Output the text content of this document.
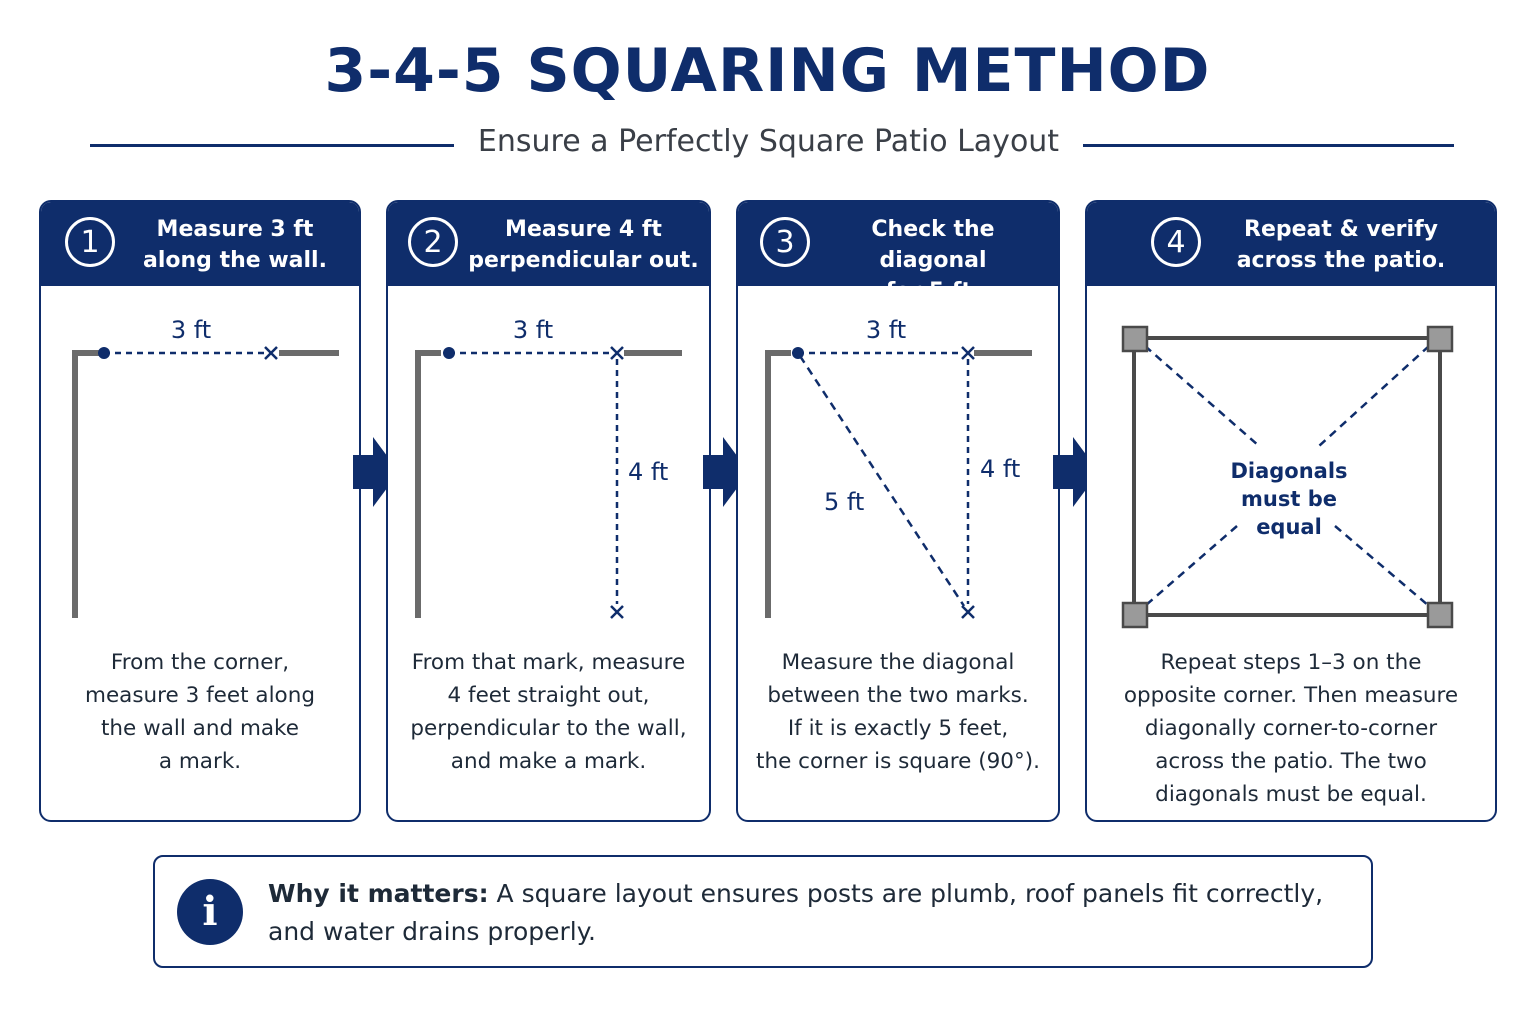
3-4-5 SQUARING METHOD
Ensure a Perfectly Square Patio Layout
1	Measure 3 ft
along the wall.
3 ft
From the corner,
measure 3 feet along
the wall and make
a mark.
2	Measure 4 ft
perpendicular out.
3 ft
4 ft
From that mark, measure
4 feet straight out,
perpendicular to the wall,
and make a mark.
3	Check the diagonal
for 5 ft.
3 ft
4 ft
5 ft
Measure the diagonal
between the two marks.
If it is exactly 5 feet,
the corner is square (90°).
4	Repeat & verify
across the patio.
Diagonals
must be
equal
Repeat steps 1–3 on the
opposite corner. Then measure
diagonally corner-to-corner
across the patio. The two
diagonals must be equal.
i	Why it matters: A square layout ensures posts are plumb, roof panels fit correctly,
and water drains properly.
